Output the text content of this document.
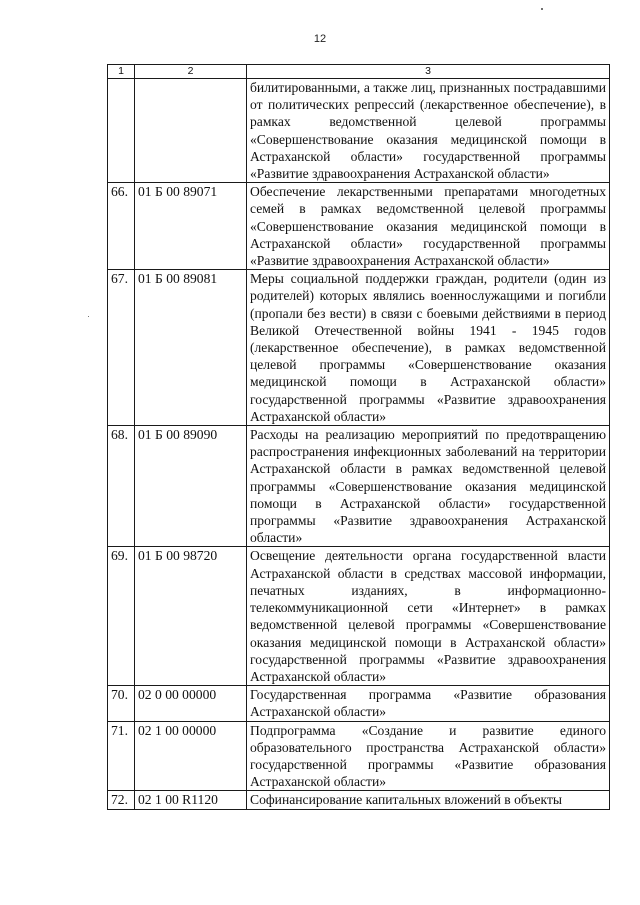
12
1	2	3
		билитированными, а также лиц, признанных пострадавшими от политических репрессий (лекарственное обеспечение), в рамках ведомственной целевой программы «Совершенствование оказания медицинской помощи в Астраханской области» государственной программы «Развитие здравоохранения Астраханской области»
66.	01 Б 00 89071	Обеспечение лекарственными препаратами многодетных семей в рамках ведомственной целевой программы «Совершенствование оказания медицинской помощи в Астраханской области» государственной программы «Развитие здравоохранения Астраханской области»
67.	01 Б 00 89081	Меры социальной поддержки граждан, родители (один из родителей) которых являлись военнослужащими и погибли (пропали без вести) в связи с боевыми действиями в период Великой Отечественной войны 1941 - 1945 годов (лекарственное обеспечение), в рамках ведомственной целевой программы «Совершенствование оказания медицинской помощи в Астраханской области» государственной программы «Развитие здравоохранения Астраханской области»
68.	01 Б 00 89090	Расходы на реализацию мероприятий по предотвращению распространения инфекционных заболеваний на территории Астраханской области в рамках ведомственной целевой программы «Совершенствование оказания медицинской помощи в Астраханской области» государственной программы «Развитие здравоохранения Астраханской области»
69.	01 Б 00 98720	Освещение деятельности органа государственной власти Астраханской области в средствах массовой информации, печатных изданиях, в информационно-телекоммуникационной сети «Интернет» в рамках ведомственной целевой программы «Совершенствование оказания медицинской помощи в Астраханской области» государственной программы «Развитие здравоохранения Астраханской области»
70.	02 0 00 00000	Государственная программа «Развитие образования Астраханской области»
71.	02 1 00 00000	Подпрограмма «Создание и развитие единого образовательного пространства Астраханской области» государственной программы «Развитие образования Астраханской области»
72.	02 1 00 R1120	Софинансирование капитальных вложений в объекты
